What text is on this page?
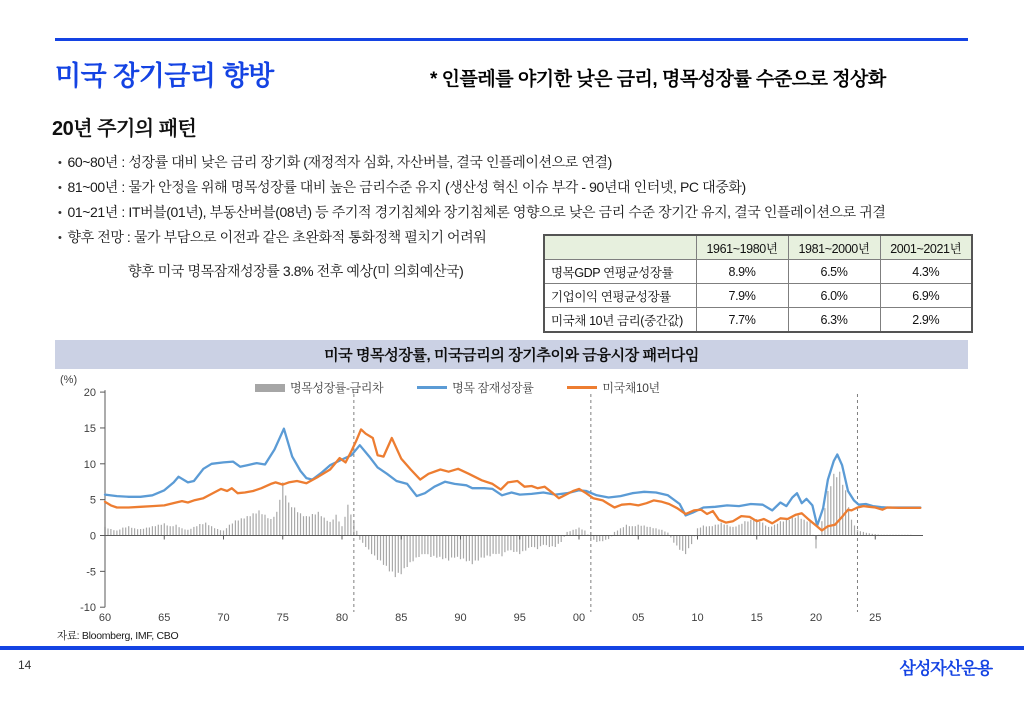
미국 장기금리 향방	* 인플레를 야기한 낮은 금리, 명목성장률 수준으로 정상화
20년 주기의 패턴
• 60~80년 : 성장률 대비 낮은 금리 장기화 (재정적자 심화, 자산버블, 결국 인플레이션으로 연결)
• 81~00년 : 물가 안정을 위해 명목성장률 대비 높은 금리수준 유지 (생산성 혁신 이슈 부각 - 90년대 인터넷, PC 대중화)
• 01~21년 : IT버블(01년), 부동산버블(08년) 등 주기적 경기침체와 장기침체론 영향으로 낮은 금리 수준 장기간 유지, 결국 인플레이션으로 귀결
• 향후 전망 : 물가 부담으로 이전과 같은 초완화적 통화정책 펼치기 어려워
향후 미국 명목잠재성장률 3.8% 전후 예상(미 의회예산국)
	1961~1980년	1981~2000년	2001~2021년
명목GDP 연평균성장률	8.9%	6.5%	4.3%
기업이익 연평균성장률	7.9%	6.0%	6.9%
미국채 10년 금리(중간값)	7.7%	6.3%	2.9%
미국 명목성장률, 미국금리의 장기추이와 금융시장 패러다임
(%)
명목성장률-금리차	명목 잠재성장률	미국채10년
20
15
10
5
0
-5
-10
60	65	70	75	80	85	90	95	00	05	10	15	20	25
자료: Bloomberg, IMF, CBO
14	삼성자산운용
